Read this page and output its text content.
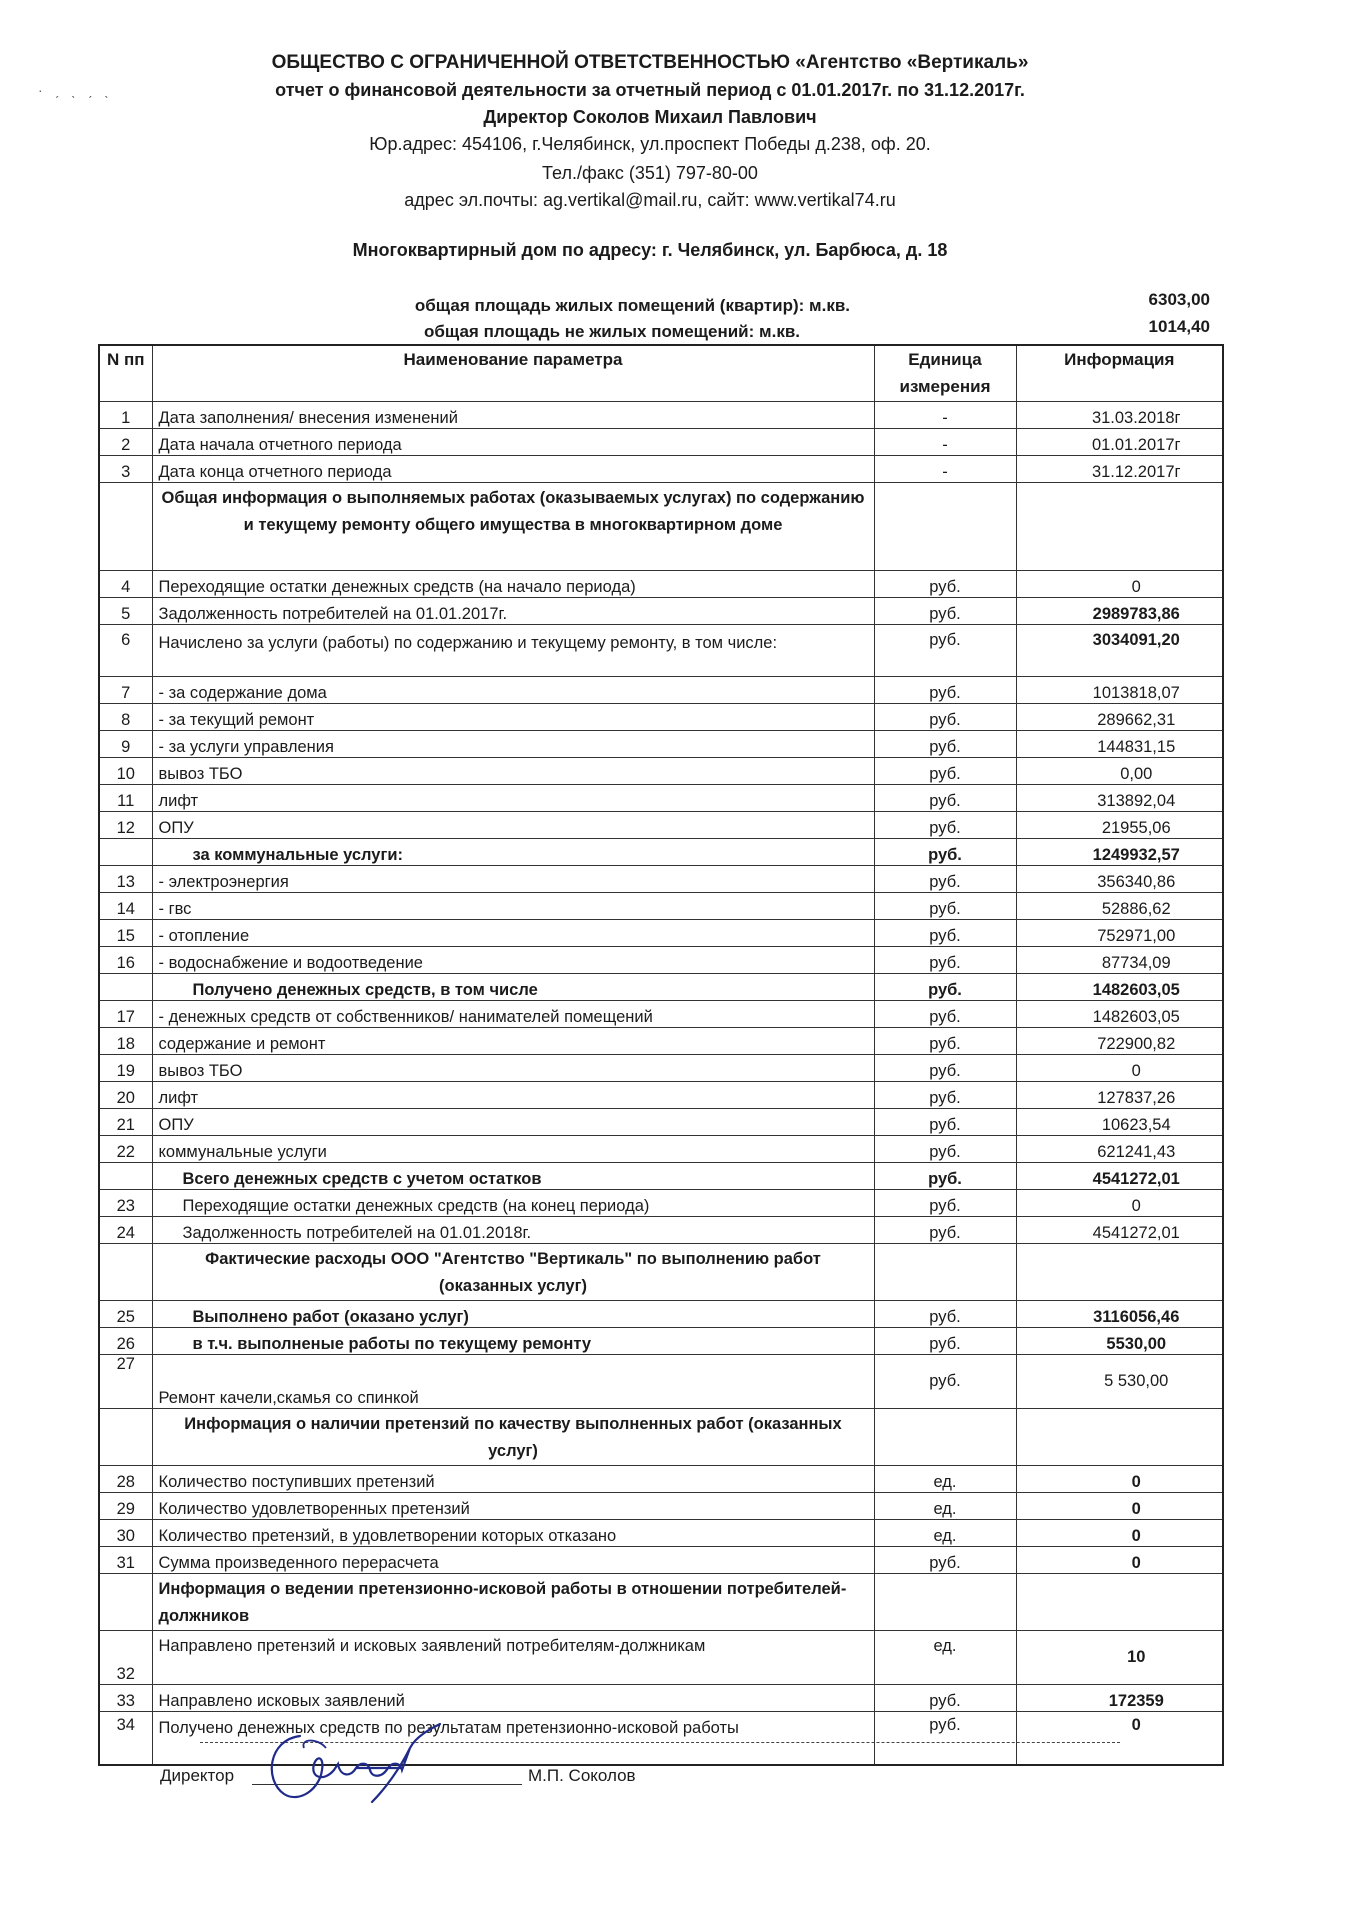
· ˏ ˎ ˏ ˎ
ОБЩЕСТВО С ОГРАНИЧЕННОЙ ОТВЕТСТВЕННОСТЬЮ «Агентство «Вертикаль»
отчет о финансовой деятельности за отчетный период с 01.01.2017г. по 31.12.2017г.
Директор Соколов Михаил Павлович
Юр.адрес: 454106, г.Челябинск, ул.проспект Победы д.238, оф. 20.
Тел./факс (351) 797-80-00
адрес эл.почты: ag.vertikal@mail.ru, сайт: www.vertikal74.ru
Многоквартирный дом по адресу: г. Челябинск, ул. Барбюса, д. 18
общая площадь жилых помещений (квартир): м.кв.	6303,00
общая площадь не жилых помещений: м.кв.	1014,40
N пп	Наименование параметра	Единица измерения	Информация
1	Дата заполнения/ внесения изменений	-	31.03.2018г
2	Дата начала отчетного периода	-	01.01.2017г
3	Дата конца отчетного периода	-	31.12.2017г
	Общая информация о выполняемых работах (оказываемых услугах) по содержанию и текущему ремонту общего имущества в многоквартирном доме		
4	Переходящие остатки денежных средств (на начало периода)	руб.	0
5	Задолженность потребителей на 01.01.2017г.	руб.	2989783,86
6	Начислено за услуги (работы) по содержанию и текущему ремонту, в том числе:	руб.	3034091,20
7	- за содержание дома	руб.	1013818,07
8	- за текущий ремонт	руб.	289662,31
9	- за услуги управления	руб.	144831,15
10	вывоз ТБО	руб.	0,00
11	лифт	руб.	313892,04
12	ОПУ	руб.	21955,06
	за коммунальные услуги:	руб.	1249932,57
13	- электроэнергия	руб.	356340,86
14	- гвс	руб.	52886,62
15	- отопление	руб.	752971,00
16	- водоснабжение и водоотведение	руб.	87734,09
	Получено денежных средств, в том числе	руб.	1482603,05
17	- денежных средств от собственников/ нанимателей помещений	руб.	1482603,05
18	содержание и ремонт	руб.	722900,82
19	вывоз ТБО	руб.	0
20	лифт	руб.	127837,26
21	ОПУ	руб.	10623,54
22	коммунальные услуги	руб.	621241,43
	Всего денежных средств с учетом остатков	руб.	4541272,01
23	Переходящие остатки денежных средств (на конец периода)	руб.	0
24	Задолженность потребителей на 01.01.2018г.	руб.	4541272,01
	Фактические расходы ООО "Агентство "Вертикаль" по выполнению работ (оказанных услуг)		
25	Выполнено работ (оказано услуг)	руб.	3116056,46
26	в т.ч. выполненые работы по текущему ремонту	руб.	5530,00
27	Ремонт качели,скамья со спинкой	руб.	5 530,00
	Информация о наличии претензий по качеству выполненных работ (оказанных услуг)		
28	Количество поступивших претензий	ед.	0
29	Количество удовлетворенных претензий	ед.	0
30	Количество претензий, в удовлетворении которых отказано	ед.	0
31	Сумма произведенного перерасчета	руб.	0
	Информация о ведении претензионно-исковой работы в отношении потребителей-должников		
32	Направлено претензий и исковых заявлений потребителям-должникам	ед.	10
33	Направлено исковых заявлений	руб.	172359
34	Получено денежных средств по результатам претензионно-исковой работы	руб.	0
Директор	М.П. Соколов
